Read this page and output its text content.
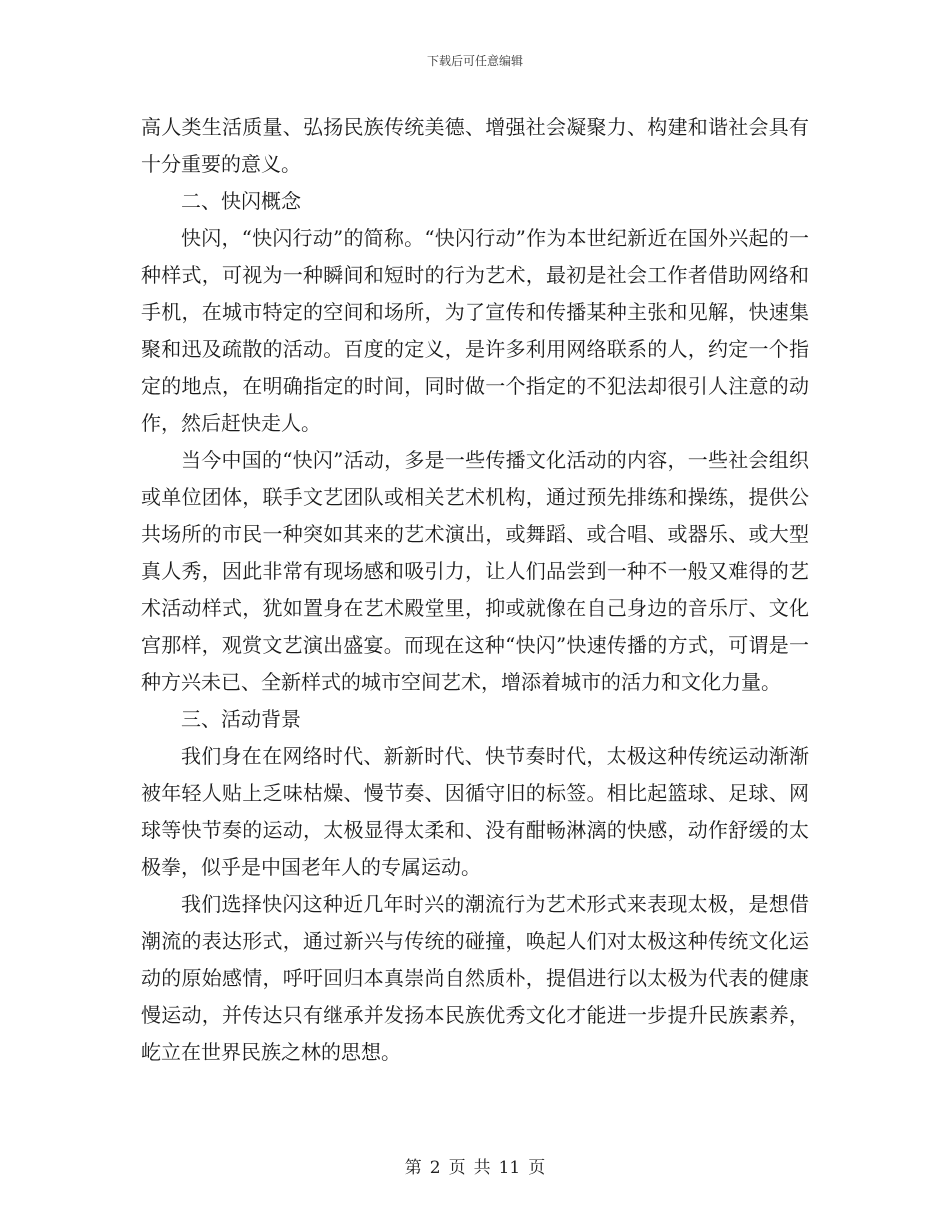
下载后可任意编辑

高人类生活质量、弘扬民族传统美德、增强社会凝聚力、构建和谐社会具有十分重要的意义。

二、快闪概念

快闪，“快闪行动”的简称。“快闪行动”作为本世纪新近在国外兴起的一种样式，可视为一种瞬间和短时的行为艺术，最初是社会工作者借助网络和手机，在城市特定的空间和场所，为了宣传和传播某种主张和见解，快速集聚和迅及疏散的活动。百度的定义，是许多利用网络联系的人，约定一个指定的地点，在明确指定的时间，同时做一个指定的不犯法却很引人注意的动作，然后赶快走人。

当今中国的“快闪”活动，多是一些传播文化活动的内容，一些社会组织或单位团体，联手文艺团队或相关艺术机构，通过预先排练和操练，提供公共场所的市民一种突如其来的艺术演出，或舞蹈、或合唱、或器乐、或大型真人秀，因此非常有现场感和吸引力，让人们品尝到一种不一般又难得的艺术活动样式，犹如置身在艺术殿堂里，抑或就像在自己身边的音乐厅、文化宫那样，观赏文艺演出盛宴。而现在这种“快闪”快速传播的方式，可谓是一种方兴未已、全新样式的城市空间艺术，增添着城市的活力和文化力量。

三、活动背景

我们身在在网络时代、新新时代、快节奏时代，太极这种传统运动渐渐被年轻人贴上乏味枯燥、慢节奏、因循守旧的标签。相比起篮球、足球、网球等快节奏的运动，太极显得太柔和、没有酣畅淋漓的快感，动作舒缓的太极拳，似乎是中国老年人的专属运动。

我们选择快闪这种近几年时兴的潮流行为艺术形式来表现太极，是想借潮流的表达形式，通过新兴与传统的碰撞，唤起人们对太极这种传统文化运动的原始感情，呼吁回归本真崇尚自然质朴，提倡进行以太极为代表的健康慢运动，并传达只有继承并发扬本民族优秀文化才能进一步提升民族素养，屹立在世界民族之林的思想。

第 2 页 共 11 页
